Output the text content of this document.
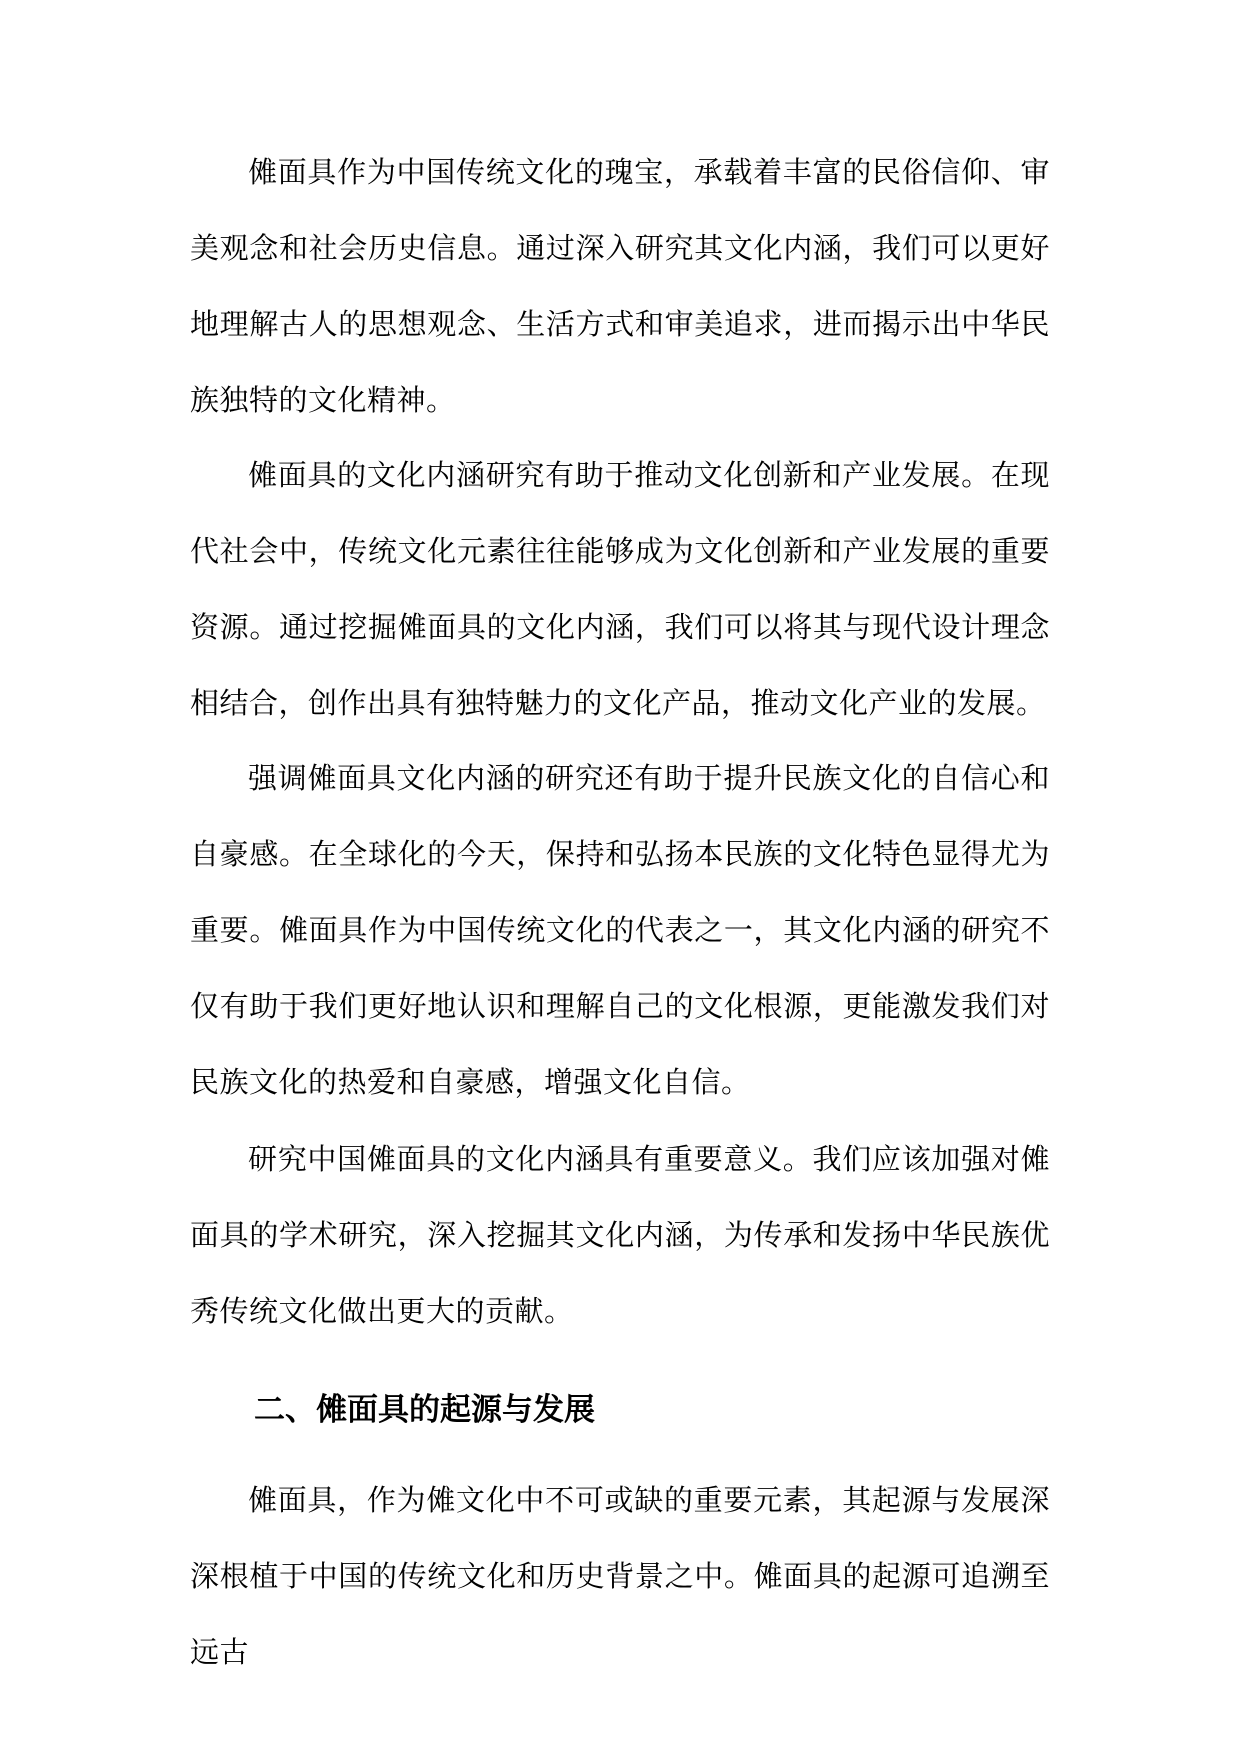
傩面具作为中国传统文化的瑰宝，承载着丰富的民俗信仰、审美观念和社会历史信息。通过深入研究其文化内涵，我们可以更好地理解古人的思想观念、生活方式和审美追求，进而揭示出中华民族独特的文化精神。

傩面具的文化内涵研究有助于推动文化创新和产业发展。在现代社会中，传统文化元素往往能够成为文化创新和产业发展的重要资源。通过挖掘傩面具的文化内涵，我们可以将其与现代设计理念相结合，创作出具有独特魅力的文化产品，推动文化产业的发展。

强调傩面具文化内涵的研究还有助于提升民族文化的自信心和自豪感。在全球化的今天，保持和弘扬本民族的文化特色显得尤为重要。傩面具作为中国传统文化的代表之一，其文化内涵的研究不仅有助于我们更好地认识和理解自己的文化根源，更能激发我们对民族文化的热爱和自豪感，增强文化自信。

研究中国傩面具的文化内涵具有重要意义。我们应该加强对傩面具的学术研究，深入挖掘其文化内涵，为传承和发扬中华民族优秀传统文化做出更大的贡献。

二、傩面具的起源与发展

傩面具，作为傩文化中不可或缺的重要元素，其起源与发展深深根植于中国的传统文化和历史背景之中。傩面具的起源可追溯至远古
